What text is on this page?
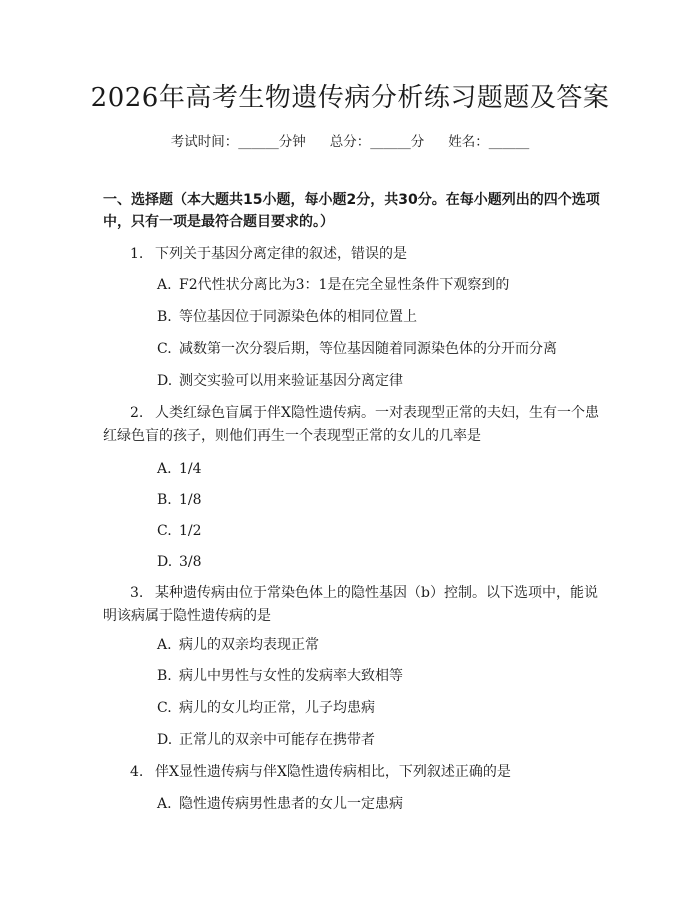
2026年高考生物遗传病分析练习题题及答案
考试时间：______分钟 总分：______分 姓名：______
一、选择题（本大题共15小题，每小题2分，共30分。在每小题列出的四个选项中，只有一项是最符合题目要求的。）
1. 下列关于基因分离定律的叙述，错误的是
A. F2代性状分离比为3：1是在完全显性条件下观察到的
B. 等位基因位于同源染色体的相同位置上
C. 减数第一次分裂后期，等位基因随着同源染色体的分开而分离
D. 测交实验可以用来验证基因分离定律
2. 人类红绿色盲属于伴X隐性遗传病。一对表现型正常的夫妇，生有一个患红绿色盲的孩子，则他们再生一个表现型正常的女儿的几率是
A. 1/4
B. 1/8
C. 1/2
D. 3/8
3. 某种遗传病由位于常染色体上的隐性基因（b）控制。以下选项中，能说明该病属于隐性遗传病的是
A. 病儿的双亲均表现正常
B. 病儿中男性与女性的发病率大致相等
C. 病儿的女儿均正常，儿子均患病
D. 正常儿的双亲中可能存在携带者
4. 伴X显性遗传病与伴X隐性遗传病相比，下列叙述正确的是
A. 隐性遗传病男性患者的女儿一定患病
